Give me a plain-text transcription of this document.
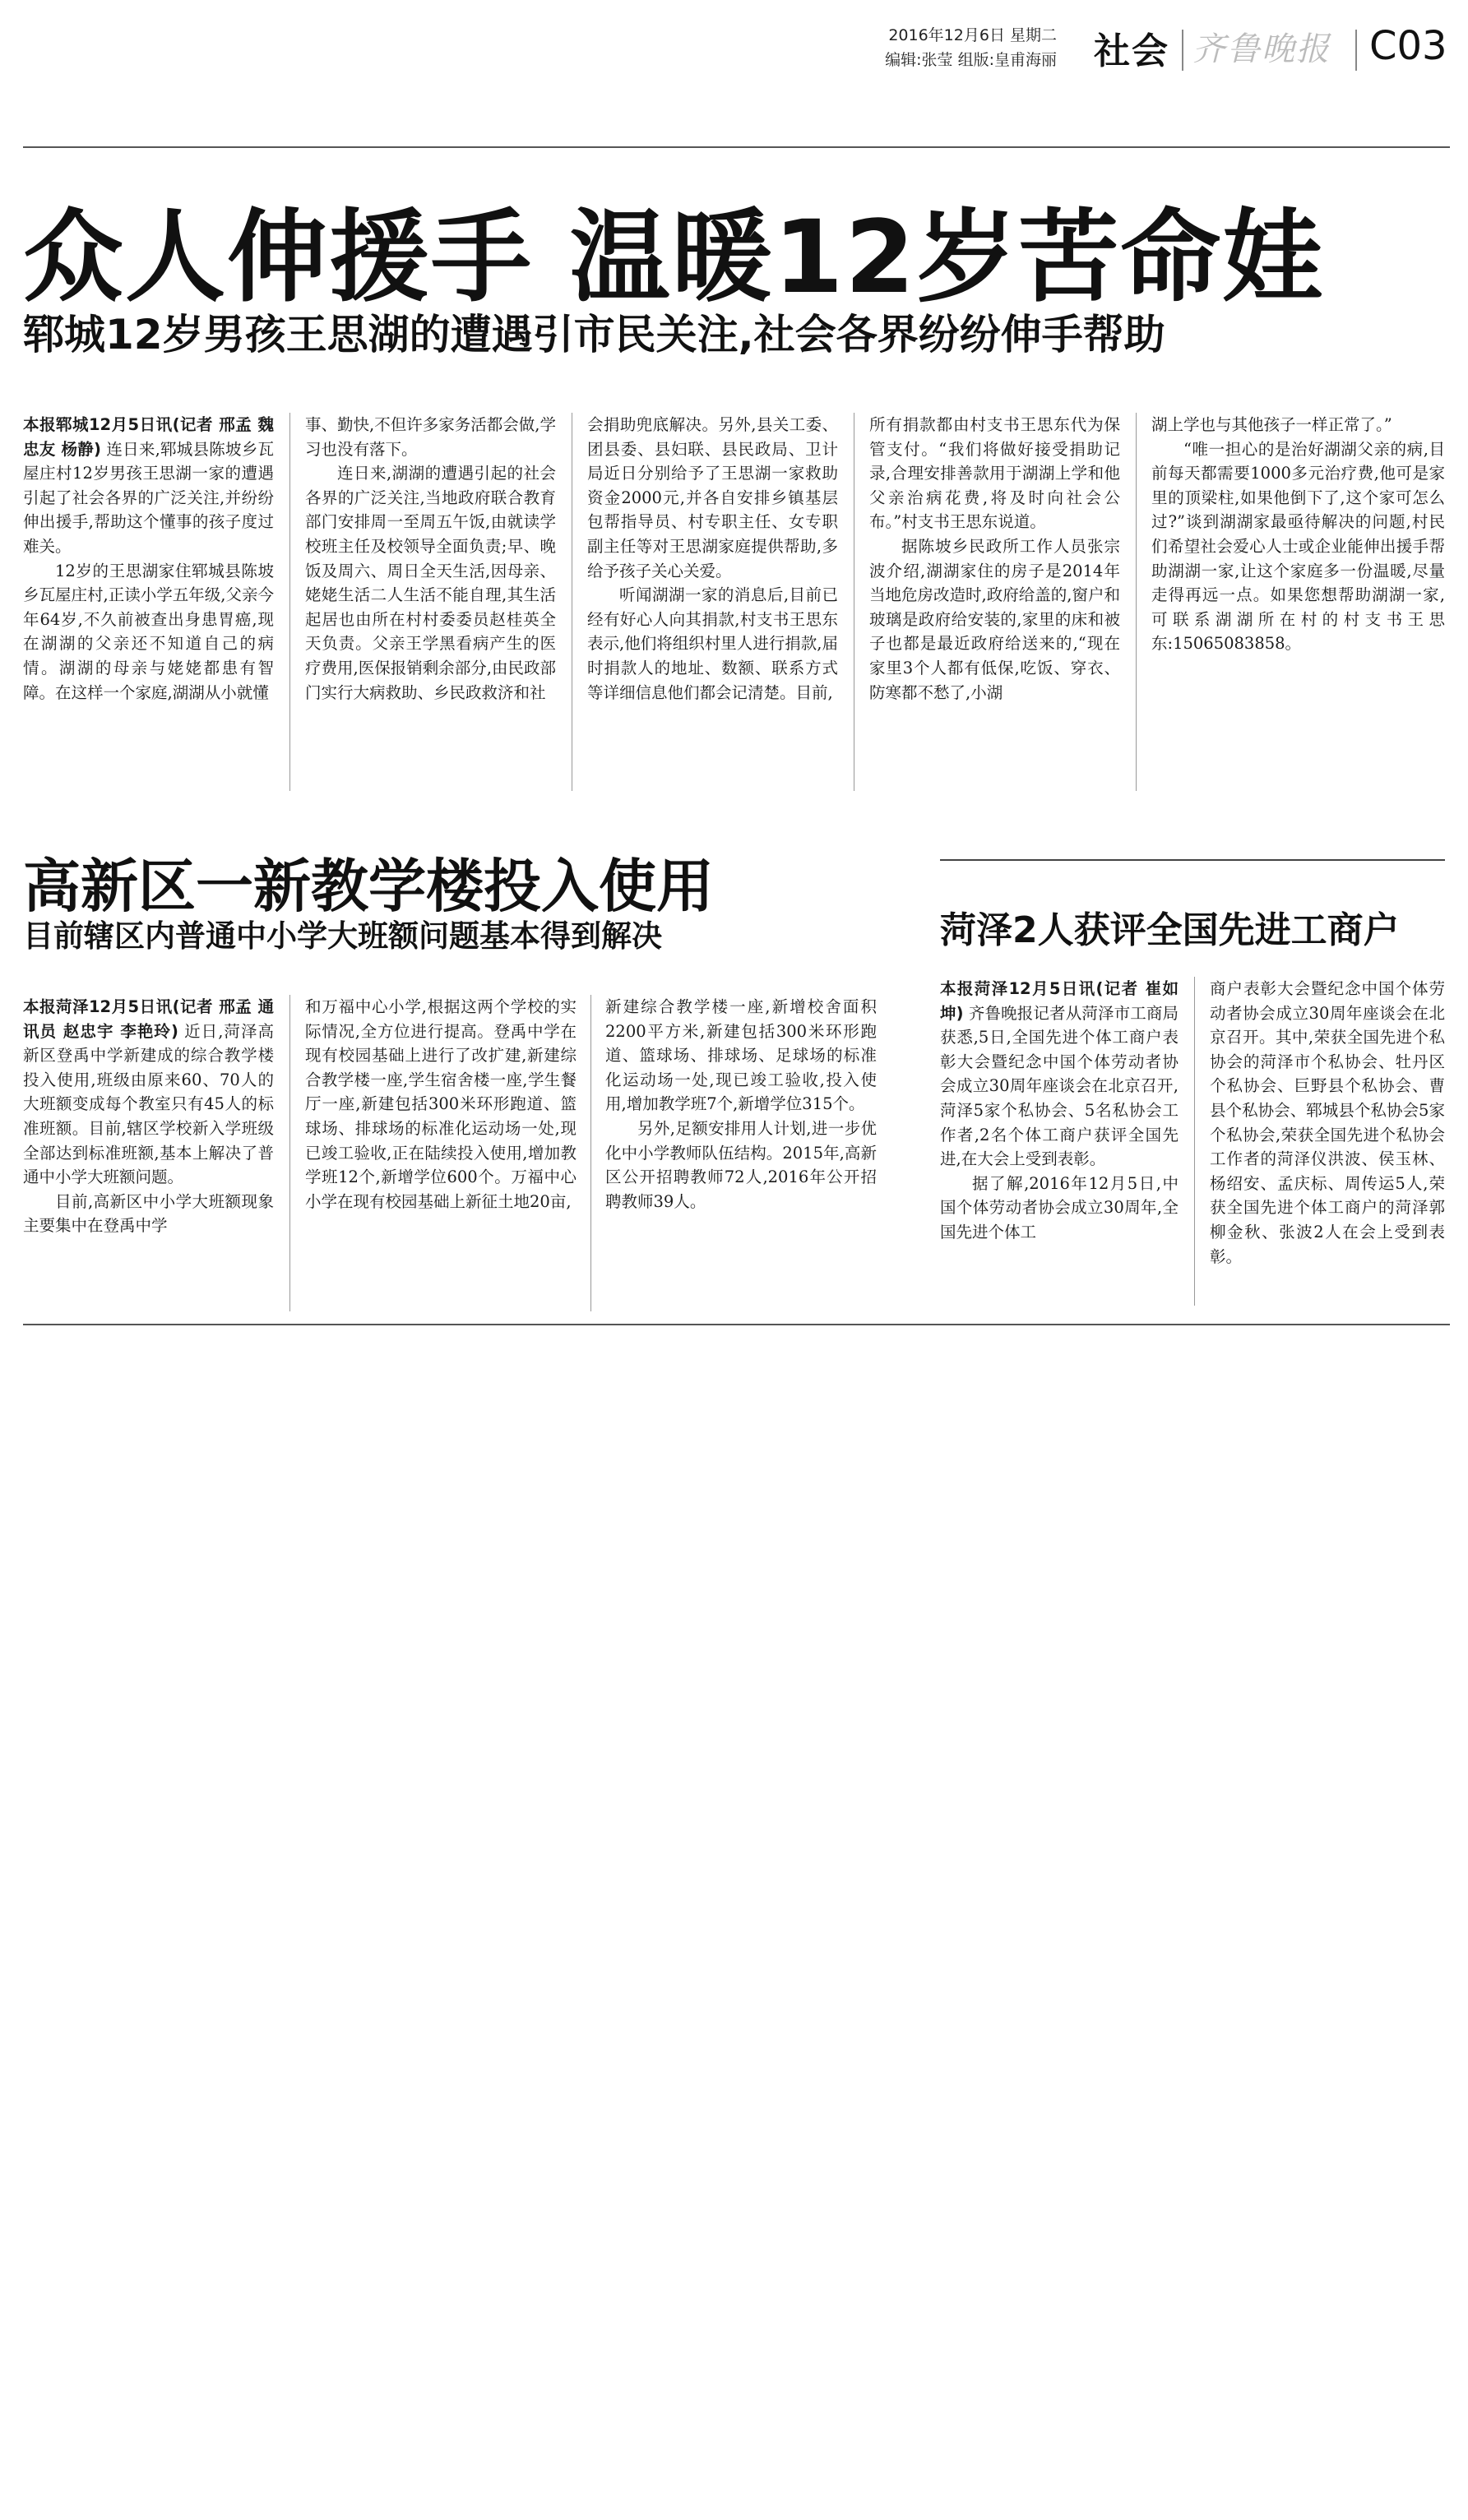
2016年12月6日 星期二
编辑:张莹 组版:皇甫海丽 社会 齐鲁晚报 C03
众人伸援手 温暖12岁苦命娃
郓城12岁男孩王思湖的遭遇引市民关注,社会各界纷纷伸手帮助

本报郓城12月5日讯(记者 邢孟 魏忠友 杨静) 连日来,郓城县陈坡乡瓦屋庄村12岁男孩王思湖一家的遭遇引起了社会各界的广泛关注,并纷纷伸出援手,帮助这个懂事的孩子度过难关。

12岁的王思湖家住郓城县陈坡乡瓦屋庄村,正读小学五年级,父亲今年64岁,不久前被查出身患胃癌,现在湖湖的父亲还不知道自己的病情。湖湖的母亲与姥姥都患有智障。在这样一个家庭,湖湖从小就懂

事、勤快,不但许多家务活都会做,学习也没有落下。

连日来,湖湖的遭遇引起的社会各界的广泛关注,当地政府联合教育部门安排周一至周五午饭,由就读学校班主任及校领导全面负责;早、晚饭及周六、周日全天生活,因母亲、姥姥生活二人生活不能自理,其生活起居也由所在村村委委员赵桂英全天负责。父亲王学黑看病产生的医疗费用,医保报销剩余部分,由民政部门实行大病救助、乡民政救济和社

会捐助兜底解决。另外,县关工委、团县委、县妇联、县民政局、卫计局近日分别给予了王思湖一家救助资金2000元,并各自安排乡镇基层包帮指导员、村专职主任、女专职副主任等对王思湖家庭提供帮助,多给予孩子关心关爱。

听闻湖湖一家的消息后,目前已经有好心人向其捐款,村支书王思东表示,他们将组织村里人进行捐款,届时捐款人的地址、数额、联系方式等详细信息他们都会记清楚。目前,

所有捐款都由村支书王思东代为保管支付。“我们将做好接受捐助记录,合理安排善款用于湖湖上学和他父亲治病花费,将及时向社会公布。”村支书王思东说道。

据陈坡乡民政所工作人员张宗波介绍,湖湖家住的房子是2014年当地危房改造时,政府给盖的,窗户和玻璃是政府给安装的,家里的床和被子也都是最近政府给送来的,“现在家里3个人都有低保,吃饭、穿衣、防寒都不愁了,小湖

湖上学也与其他孩子一样正常了。”

“唯一担心的是治好湖湖父亲的病,目前每天都需要1000多元治疗费,他可是家里的顶梁柱,如果他倒下了,这个家可怎么过?”谈到湖湖家最亟待解决的问题,村民们希望社会爱心人士或企业能伸出援手帮助湖湖一家,让这个家庭多一份温暖,尽量走得再远一点。如果您想帮助湖湖一家,可联系湖湖所在村的村支书王思东:15065083858。

高新区一新教学楼投入使用
目前辖区内普通中小学大班额问题基本得到解决

本报菏泽12月5日讯(记者 邢孟 通讯员 赵忠宇 李艳玲) 近日,菏泽高新区登禹中学新建成的综合教学楼投入使用,班级由原来60、70人的大班额变成每个教室只有45人的标准班额。目前,辖区学校新入学班级全部达到标准班额,基本上解决了普通中小学大班额问题。

目前,高新区中小学大班额现象主要集中在登禹中学

和万福中心小学,根据这两个学校的实际情况,全方位进行提高。登禹中学在现有校园基础上进行了改扩建,新建综合教学楼一座,学生宿舍楼一座,学生餐厅一座,新建包括300米环形跑道、篮球场、排球场的标准化运动场一处,现已竣工验收,正在陆续投入使用,增加教学班12个,新增学位600个。万福中心小学在现有校园基础上新征土地20亩,

新建综合教学楼一座,新增校舍面积2200平方米,新建包括300米环形跑道、篮球场、排球场、足球场的标准化运动场一处,现已竣工验收,投入使用,增加教学班7个,新增学位315个。

另外,足额安排用人计划,进一步优化中小学教师队伍结构。2015年,高新区公开招聘教师72人,2016年公开招聘教师39人。

菏泽2人获评全国先进工商户

本报菏泽12月5日讯(记者 崔如坤) 齐鲁晚报记者从菏泽市工商局获悉,5日,全国先进个体工商户表彰大会暨纪念中国个体劳动者协会成立30周年座谈会在北京召开,菏泽5家个私协会、5名私协会工作者,2名个体工商户获评全国先进,在大会上受到表彰。

据了解,2016年12月5日,中国个体劳动者协会成立30周年,全国先进个体工

商户表彰大会暨纪念中国个体劳动者协会成立30周年座谈会在北京召开。其中,荣获全国先进个私协会的菏泽市个私协会、牡丹区个私协会、巨野县个私协会、曹县个私协会、郓城县个私协会5家个私协会,荣获全国先进个私协会工作者的菏泽仪洪波、侯玉林、杨绍安、孟庆标、周传运5人,荣获全国先进个体工商户的菏泽郭柳金秋、张波2人在会上受到表彰。
